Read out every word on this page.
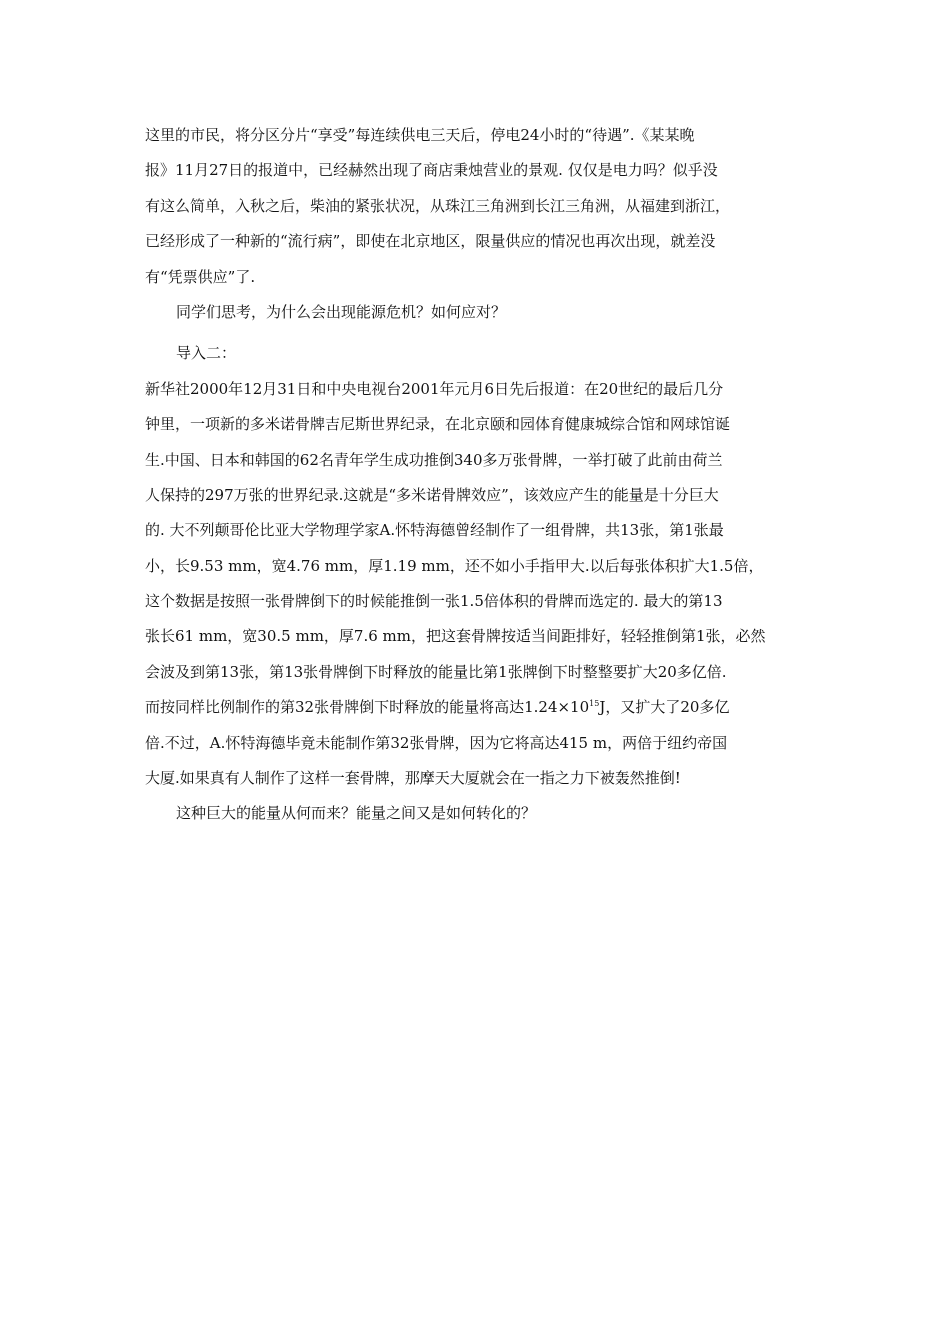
这里的市民，将分区分片“享受”每连续供电三天后，停电24小时的“待遇”.《某某晚
报》11月27日的报道中，已经赫然出现了商店秉烛营业的景观. 仅仅是电力吗？似乎没
有这么简单，入秋之后，柴油的紧张状况，从珠江三角洲到长江三角洲，从福建到浙江，
已经形成了一种新的“流行病”，即使在北京地区，限量供应的情况也再次出现，就差没
有“凭票供应”了.
同学们思考，为什么会出现能源危机？如何应对？
导入二：
新华社2000年12月31日和中央电视台2001年元月6日先后报道：在20世纪的最后几分
钟里，一项新的多米诺骨牌吉尼斯世界纪录，在北京颐和园体育健康城综合馆和网球馆诞
生.中国、日本和韩国的62名青年学生成功推倒340多万张骨牌，一举打破了此前由荷兰
人保持的297万张的世界纪录.这就是“多米诺骨牌效应”，该效应产生的能量是十分巨大
的. 大不列颠哥伦比亚大学物理学家A.怀特海德曾经制作了一组骨牌，共13张，第1张最
小，长9.53 mm，宽4.76 mm，厚1.19 mm，还不如小手指甲大.以后每张体积扩大1.5倍，
这个数据是按照一张骨牌倒下的时候能推倒一张1.5倍体积的骨牌而选定的. 最大的第13
张长61 mm，宽30.5 mm，厚7.6 mm，把这套骨牌按适当间距排好，轻轻推倒第1张，必然
会波及到第13张，第13张骨牌倒下时释放的能量比第1张牌倒下时整整要扩大20多亿倍.
而按同样比例制作的第32张骨牌倒下时释放的能量将高达$1.24\times 10^{15}J$，又扩大了20多亿
倍.不过，A.怀特海德毕竟未能制作第32张骨牌，因为它将高达415 m，两倍于纽约帝国
大厦.如果真有人制作了这样一套骨牌，那摩天大厦就会在一指之力下被轰然推倒!
这种巨大的能量从何而来？能量之间又是如何转化的？
